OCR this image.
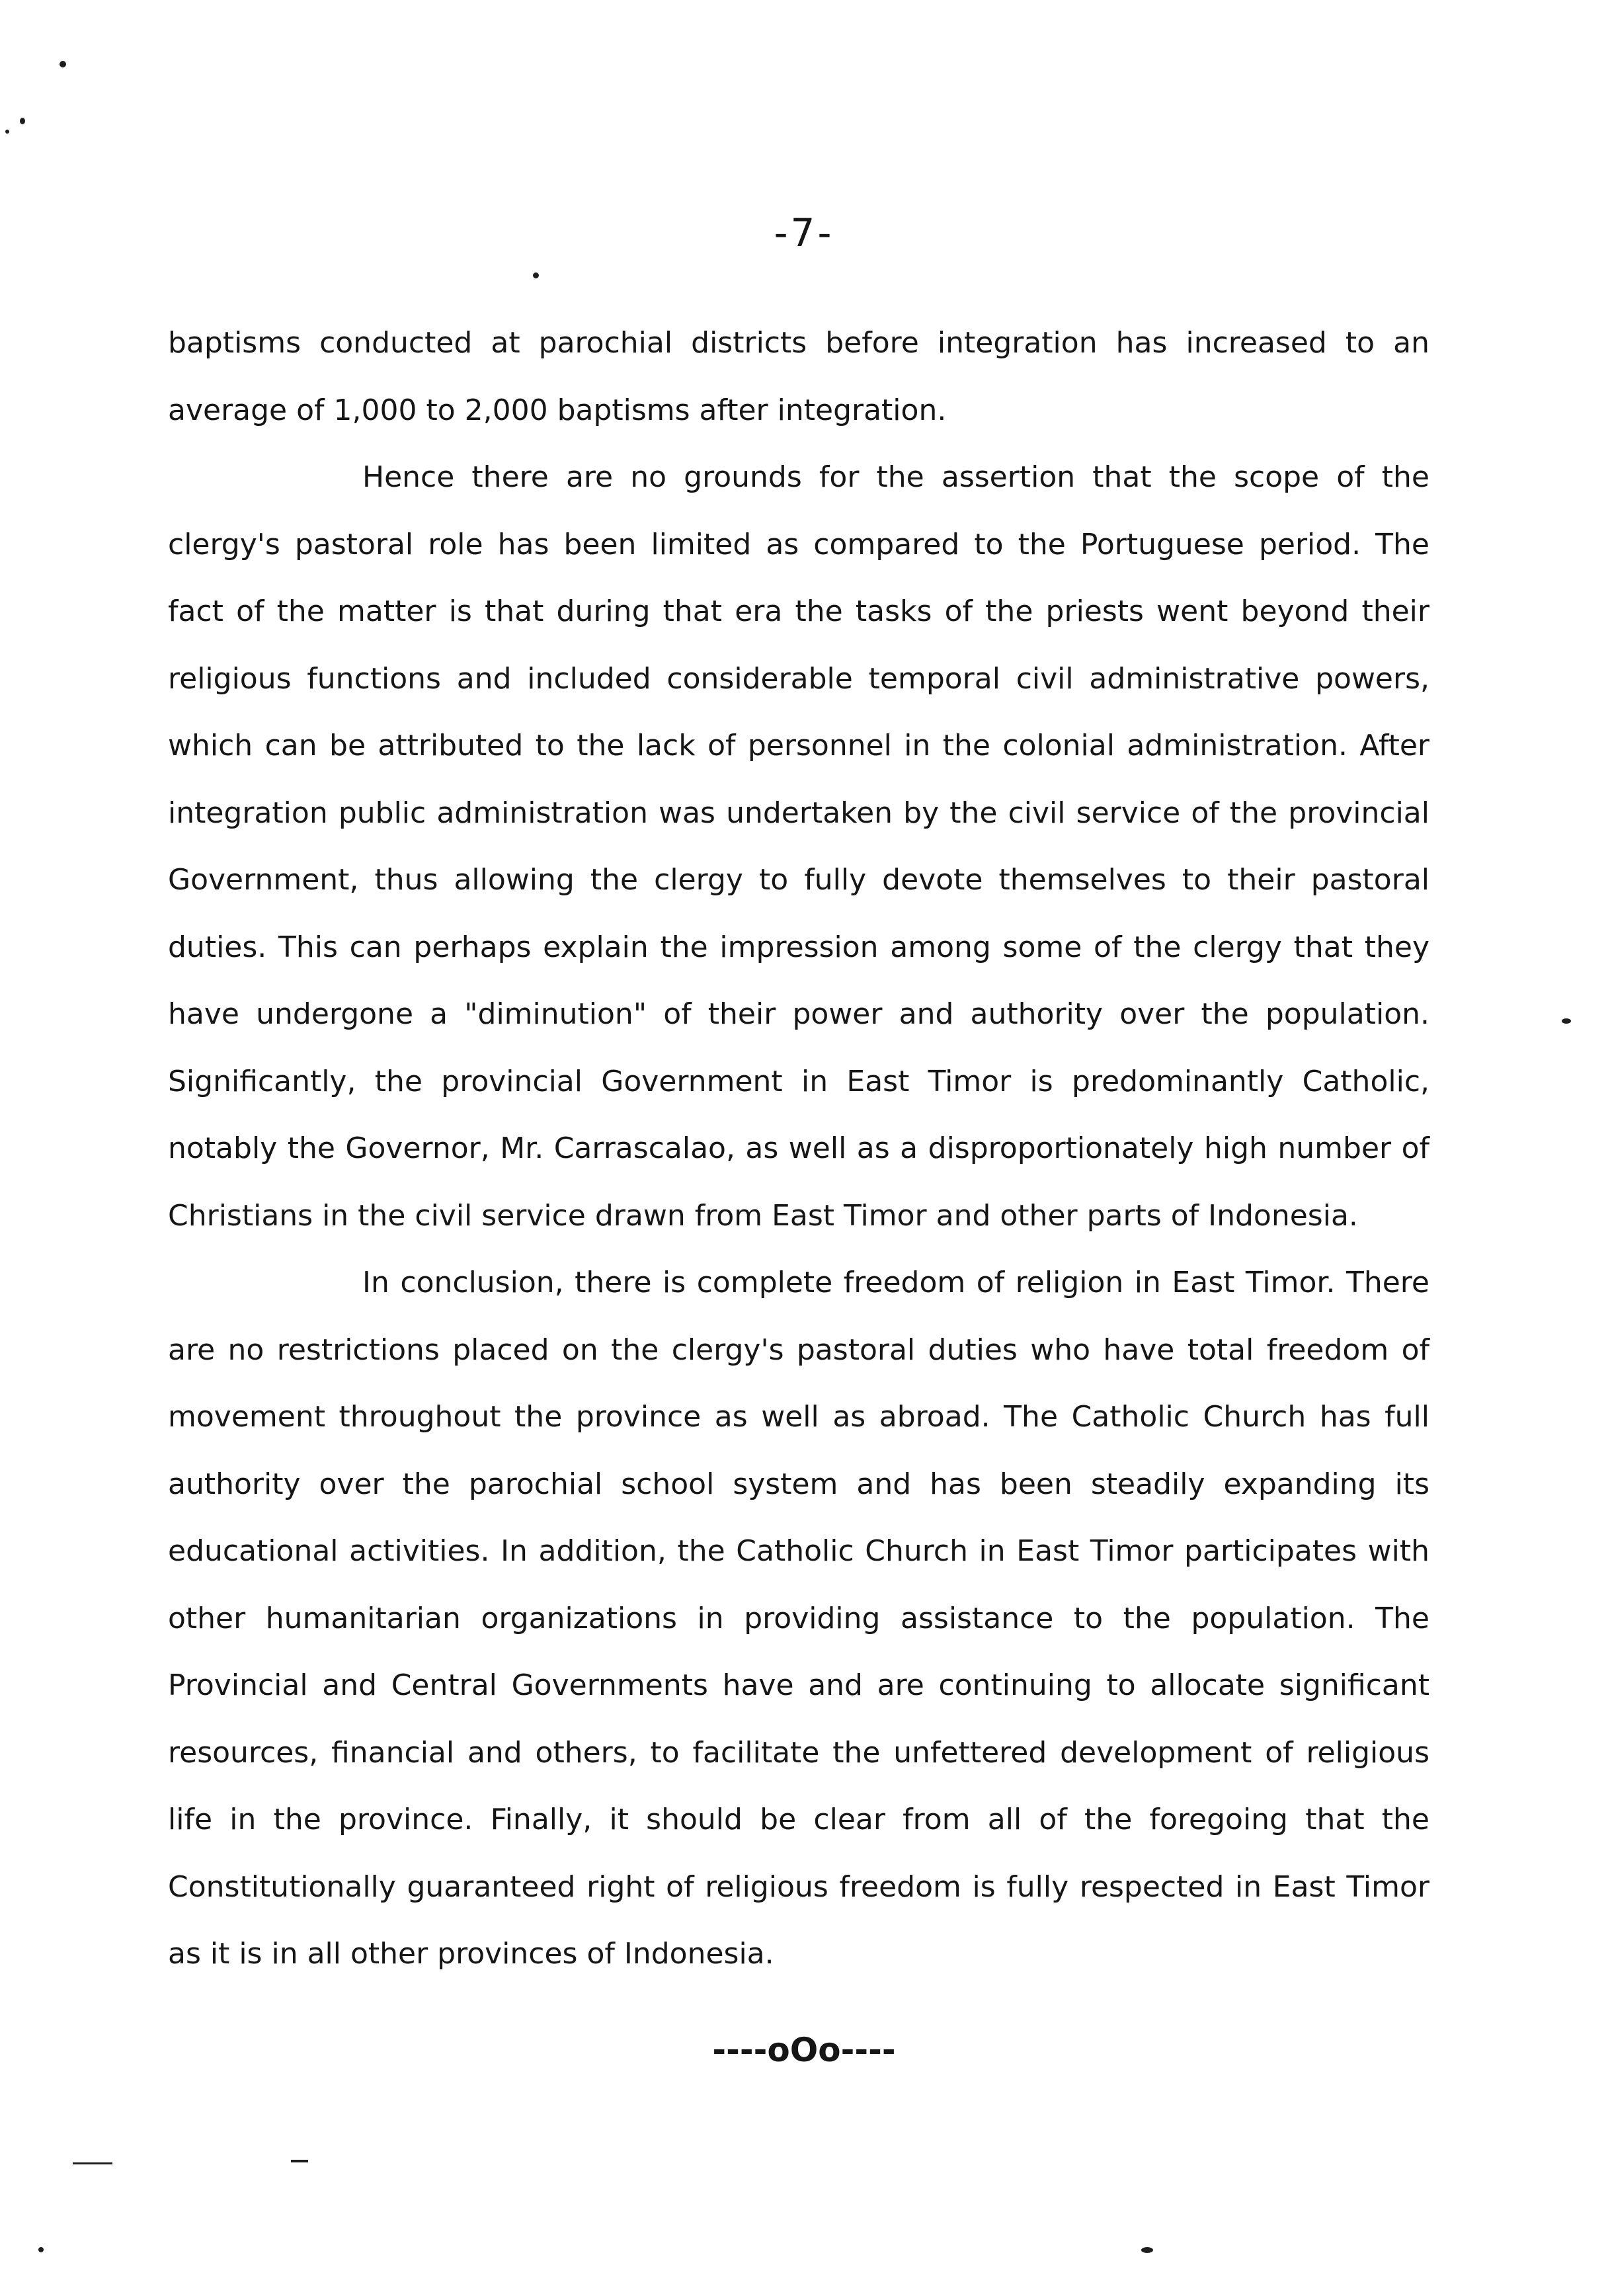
-7-

baptisms conducted at parochial districts before integration has increased to an average of 1,000 to 2,000 baptisms after integration.

Hence there are no grounds for the assertion that the scope of the clergy's pastoral role has been limited as compared to the Portuguese period. The fact of the matter is that during that era the tasks of the priests went beyond their religious functions and included considerable temporal civil administrative powers, which can be attributed to the lack of personnel in the colonial administration. After integration public administration was undertaken by the civil service of the provincial Government, thus allowing the clergy to fully devote themselves to their pastoral duties. This can perhaps explain the impression among some of the clergy that they have undergone a "diminution" of their power and authority over the population. Significantly, the provincial Government in East Timor is predominantly Catholic, notably the Governor, Mr. Carrascalao, as well as a disproportionately high number of Christians in the civil service drawn from East Timor and other parts of Indonesia.

In conclusion, there is complete freedom of religion in East Timor. There are no restrictions placed on the clergy's pastoral duties who have total freedom of movement throughout the province as well as abroad. The Catholic Church has full authority over the parochial school system and has been steadily expanding its educational activities. In addition, the Catholic Church in East Timor participates with other humanitarian organizations in providing assistance to the population. The Provincial and Central Governments have and are continuing to allocate significant resources, financial and others, to facilitate the unfettered development of religious life in the province. Finally, it should be clear from all of the foregoing that the Constitutionally guaranteed right of religious freedom is fully respected in East Timor as it is in all other provinces of Indonesia.

----oOo----
